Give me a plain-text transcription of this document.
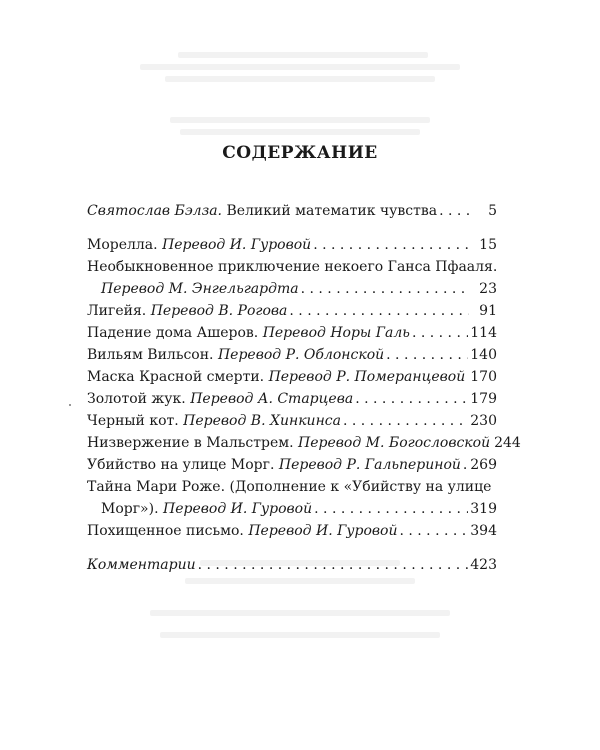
СОДЕРЖАНИЕ
Святослав Бэлза. Великий математик чувства . . .	5
Морелла. Перевод И. Гуровой . . .	15
Необыкновенное приключение некоего Ганса Пфааля.
Перевод М. Энгельгардта . . .	23
Лигейя. Перевод В. Рогова . . .	91
Падение дома Ашеров. Перевод Норы Галь . . .	114
Вильям Вильсон. Перевод Р. Облонской . . .	140
Маска Красной смерти. Перевод Р. Померанцевой . . . 170
Золотой жук. Перевод А. Старцева . . .	179
Черный кот. Перевод В. Хинкинса . . .	230
Низвержение в Мальстрем. Перевод М. Богословской 244
Убийство на улице Морг. Перевод Р. Гальпериной . . . 269
Тайна Мари Роже. (Дополнение к «Убийству на улице
Морг»). Перевод И. Гуровой . . .	319
Похищенное письмо. Перевод И. Гуровой . . .	394
Комментарии . . .	423
